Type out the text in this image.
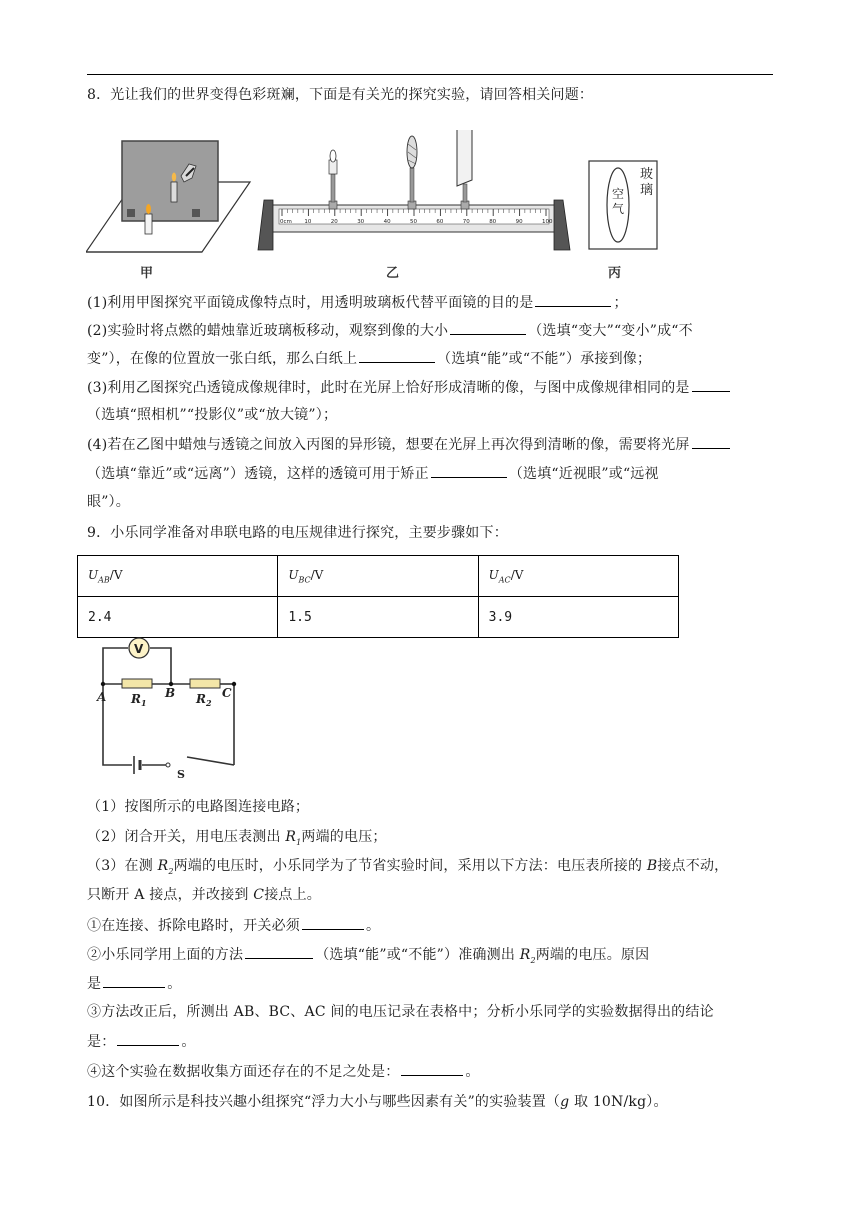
8．光让我们的世界变得色彩斑斓，下面是有关光的探究实验，请回答相关问题：
0cm 10	20	30	40	50	60	70	80	90	100
玻璃
空气
甲	乙	丙
(1)利用甲图探究平面镜成像特点时，用透明玻璃板代替平面镜的目的是	；
(2)实验时将点燃的蜡烛靠近玻璃板移动，观察到像的大小	（选填“变大”“变小”成“不
变”），在像的位置放一张白纸，那么白纸上	（选填“能”或“不能”）承接到像；
(3)利用乙图探究凸透镜成像规律时，此时在光屏上恰好形成清晰的像，与图中成像规律相同的是
（选填“照相机”“投影仪”或“放大镜”）；
(4)若在乙图中蜡烛与透镜之间放入丙图的异形镜，想要在光屏上再次得到清晰的像，需要将光屏
（选填“靠近”或“远离”）透镜，这样的透镜可用于矫正	（选填“近视眼”或“远视
眼”）。
9．小乐同学准备对串联电路的电压规律进行探究，主要步骤如下：
$U_{AB}/V$	$U_{BC}/V$	$U_{AC}/V$
2.4	1.5	3.9
V
A	B	C
$R_1$	$R_2$
S
（1）按图所示的电路图连接电路；
（2）闭合开关，用电压表测出 $R_1$两端的电压；
（3）在测 $R_2$两端的电压时，小乐同学为了节省实验时间，采用以下方法：电压表所接的 B接点不动，
只断开 A 接点，并改接到 C接点上。
①在连接、拆除电路时，开关必须	。
②小乐同学用上面的方法	（选填“能”或“不能”）准确测出 $R_2$两端的电压。原因
是	。
③方法改正后，所测出 AB、BC、AC 间的电压记录在表格中；分析小乐同学的实验数据得出的结论
是：	。
④这个实验在数据收集方面还存在的不足之处是：	。
10．如图所示是科技兴趣小组探究“浮力大小与哪些因素有关”的实验装置（g 取 10N/kg）。
